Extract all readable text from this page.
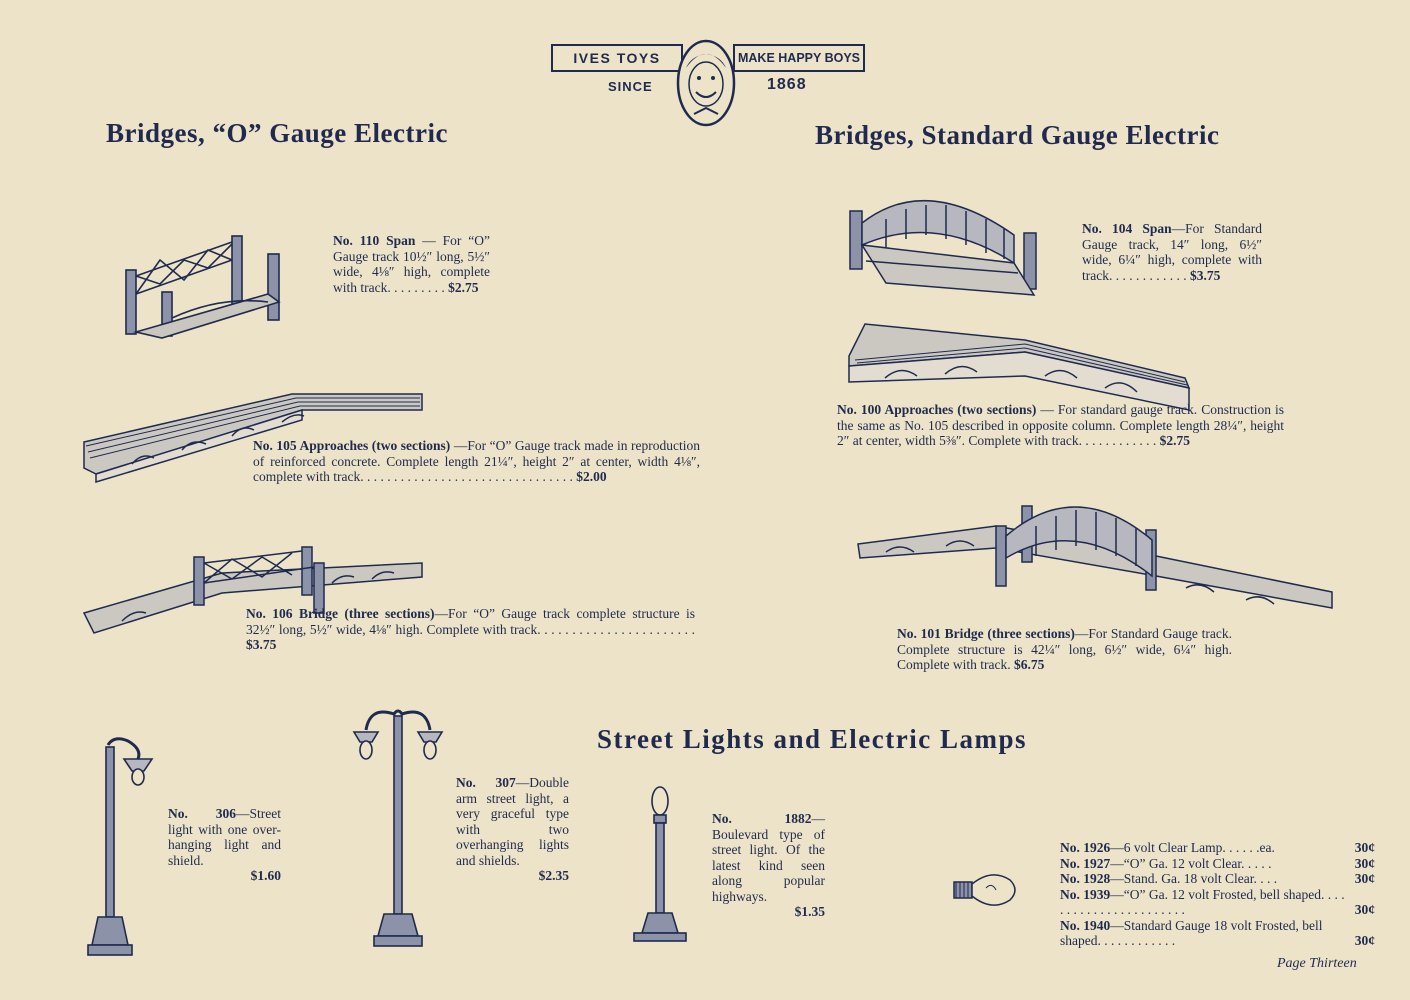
IVES TOYS	MAKE HAPPY BOYS
SINCE	1868
Bridges, “O” Gauge Electric	Bridges, Standard Gauge Electric
Street Lights and Electric Lamps
No. 110 Span — For “O” Gauge track 10½″ long, 5½″ wide, 4⅛″ high, complete with track. . . . . . . . . $2.75
No. 105 Approaches (two sections) —For “O” Gauge track made in reproduction of reinforced concrete. Complete length 21¼″, height 2″ at center, width 4⅛″, complete with track. . . . . . . . . . . . . . . . . . . . . . . . . . . . . . . . $2.00
No. 106 Bridge (three sections)—For “O” Gauge track complete structure is 32½″ long, 5½″ wide, 4⅛″ high. Complete with track. . . . . . . . . . . . . . . . . . . . . . . $3.75
No. 104 Span—For Standard Gauge track, 14″ long, 6½″ wide, 6¼″ high, complete with track. . . . . . . . . . . . $3.75
No. 100 Approaches (two sections) — For standard gauge track. Construction is the same as No. 105 described in opposite column. Complete length 28¼″, height 2″ at center, width 5⅜″. Complete with track. . . . . . . . . . . . $2.75
No. 101 Bridge (three sections)—For Standard Gauge track. Complete structure is 42¼″ long, 6½″ wide, 6¼″ high. Complete with track. $6.75
No. 306—Street light with one over-hanging light and shield.

$1.60
No. 307—Double arm street light, a very graceful type with two overhanging lights and shields.

$2.35
No. 1882—Boulevard type of street light. Of the latest kind seen along popular highways.

$1.35
No. 1926—6 volt Clear Lamp. . . . . .ea.	30¢
No. 1927—“O” Ga. 12 volt Clear. . . . .	30¢
No. 1928—Stand. Ga. 18 volt Clear. . . .	30¢
No. 1939—“O” Ga. 12 volt Frosted, bell shaped. . . . . . . . . . . . . . . . . . . . . . .	30¢
No. 1940—Standard Gauge 18 volt Frosted, bell shaped. . . . . . . . . . . .	30¢
Page Thirteen
